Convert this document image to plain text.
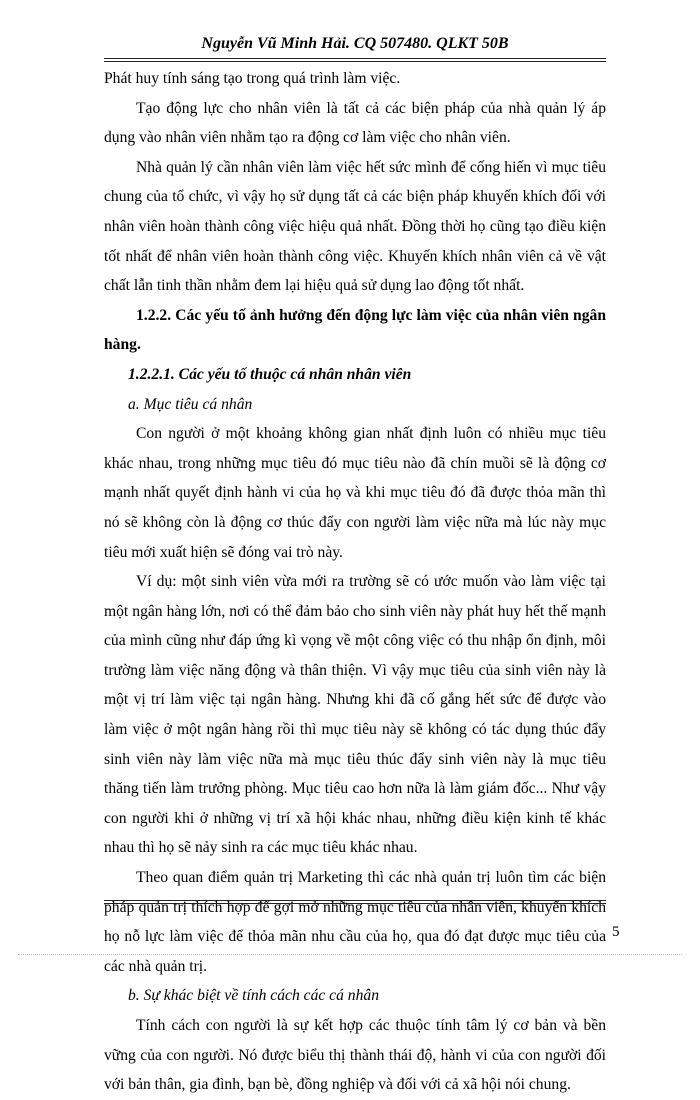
Nguyễn Vũ Minh Hải. CQ 507480. QLKT 50B

Phát huy tính sáng tạo trong quá trình làm việc.

Tạo động lực cho nhân viên là tất cả các biện pháp của nhà quản lý áp dụng vào nhân viên nhằm tạo ra động cơ làm việc cho nhân viên.

Nhà quản lý cần nhân viên làm việc hết sức mình để cống hiến vì mục tiêu chung của tổ chức, vì vậy họ sử dụng tất cả các biện pháp khuyến khích đối với nhân viên hoàn thành công việc hiệu quả nhất. Đồng thời họ cũng tạo điều kiện tốt nhất để nhân viên hoàn thành công việc. Khuyến khích nhân viên cả về vật chất lẫn tinh thần nhằm đem lại hiệu quả sử dụng lao động tốt nhất.

1.2.2. Các yếu tố ảnh hưởng đến động lực làm việc của nhân viên ngân hàng.

1.2.2.1. Các yếu tố thuộc cá nhân nhân viên

a. Mục tiêu cá nhân

Con người ở một khoảng không gian nhất định luôn có nhiều mục tiêu khác nhau, trong những mục tiêu đó mục tiêu nào đã chín muồi sẽ là động cơ mạnh nhất quyết định hành vi của họ và khi mục tiêu đó đã được thỏa mãn thì nó sẽ không còn là động cơ thúc đẩy con người làm việc nữa mà lúc này mục tiêu mới xuất hiện sẽ đóng vai trò này.

Ví dụ: một sinh viên vừa mới ra trường sẽ có ước muốn vào làm việc tại một ngân hàng lớn, nơi có thể đảm bảo cho sinh viên này phát huy hết thế mạnh của mình cũng như đáp ứng kì vọng về một công việc có thu nhập ổn định, môi trường làm việc năng động và thân thiện. Vì vậy mục tiêu của sinh viên này là một vị trí làm việc tại ngân hàng. Nhưng khi đã cố gắng hết sức để được vào làm việc ở một ngân hàng rồi thì mục tiêu này sẽ không có tác dụng thúc đẩy sinh viên này làm việc nữa mà mục tiêu thúc đẩy sinh viên này là mục tiêu thăng tiến làm trưởng phòng. Mục tiêu cao hơn nữa là làm giám đốc... Như vậy con người khi ở những vị trí xã hội khác nhau, những điều kiện kinh tế khác nhau thì họ sẽ nảy sinh ra các mục tiêu khác nhau.

Theo quan điểm quản trị Marketing thì các nhà quản trị luôn tìm các biện pháp quản trị thích hợp để gợi mở những mục tiêu của nhân viên, khuyến khích họ nỗ lực làm việc để thỏa mãn nhu cầu của họ, qua đó đạt được mục tiêu của các nhà quản trị.

b. Sự khác biệt về tính cách các cá nhân

Tính cách con người là sự kết hợp các thuộc tính tâm lý cơ bản và bền vững của con người. Nó được biểu thị thành thái độ, hành vi của con người đối với bản thân, gia đình, bạn bè, đồng nghiệp và đối với cả xã hội nói chung.

5
